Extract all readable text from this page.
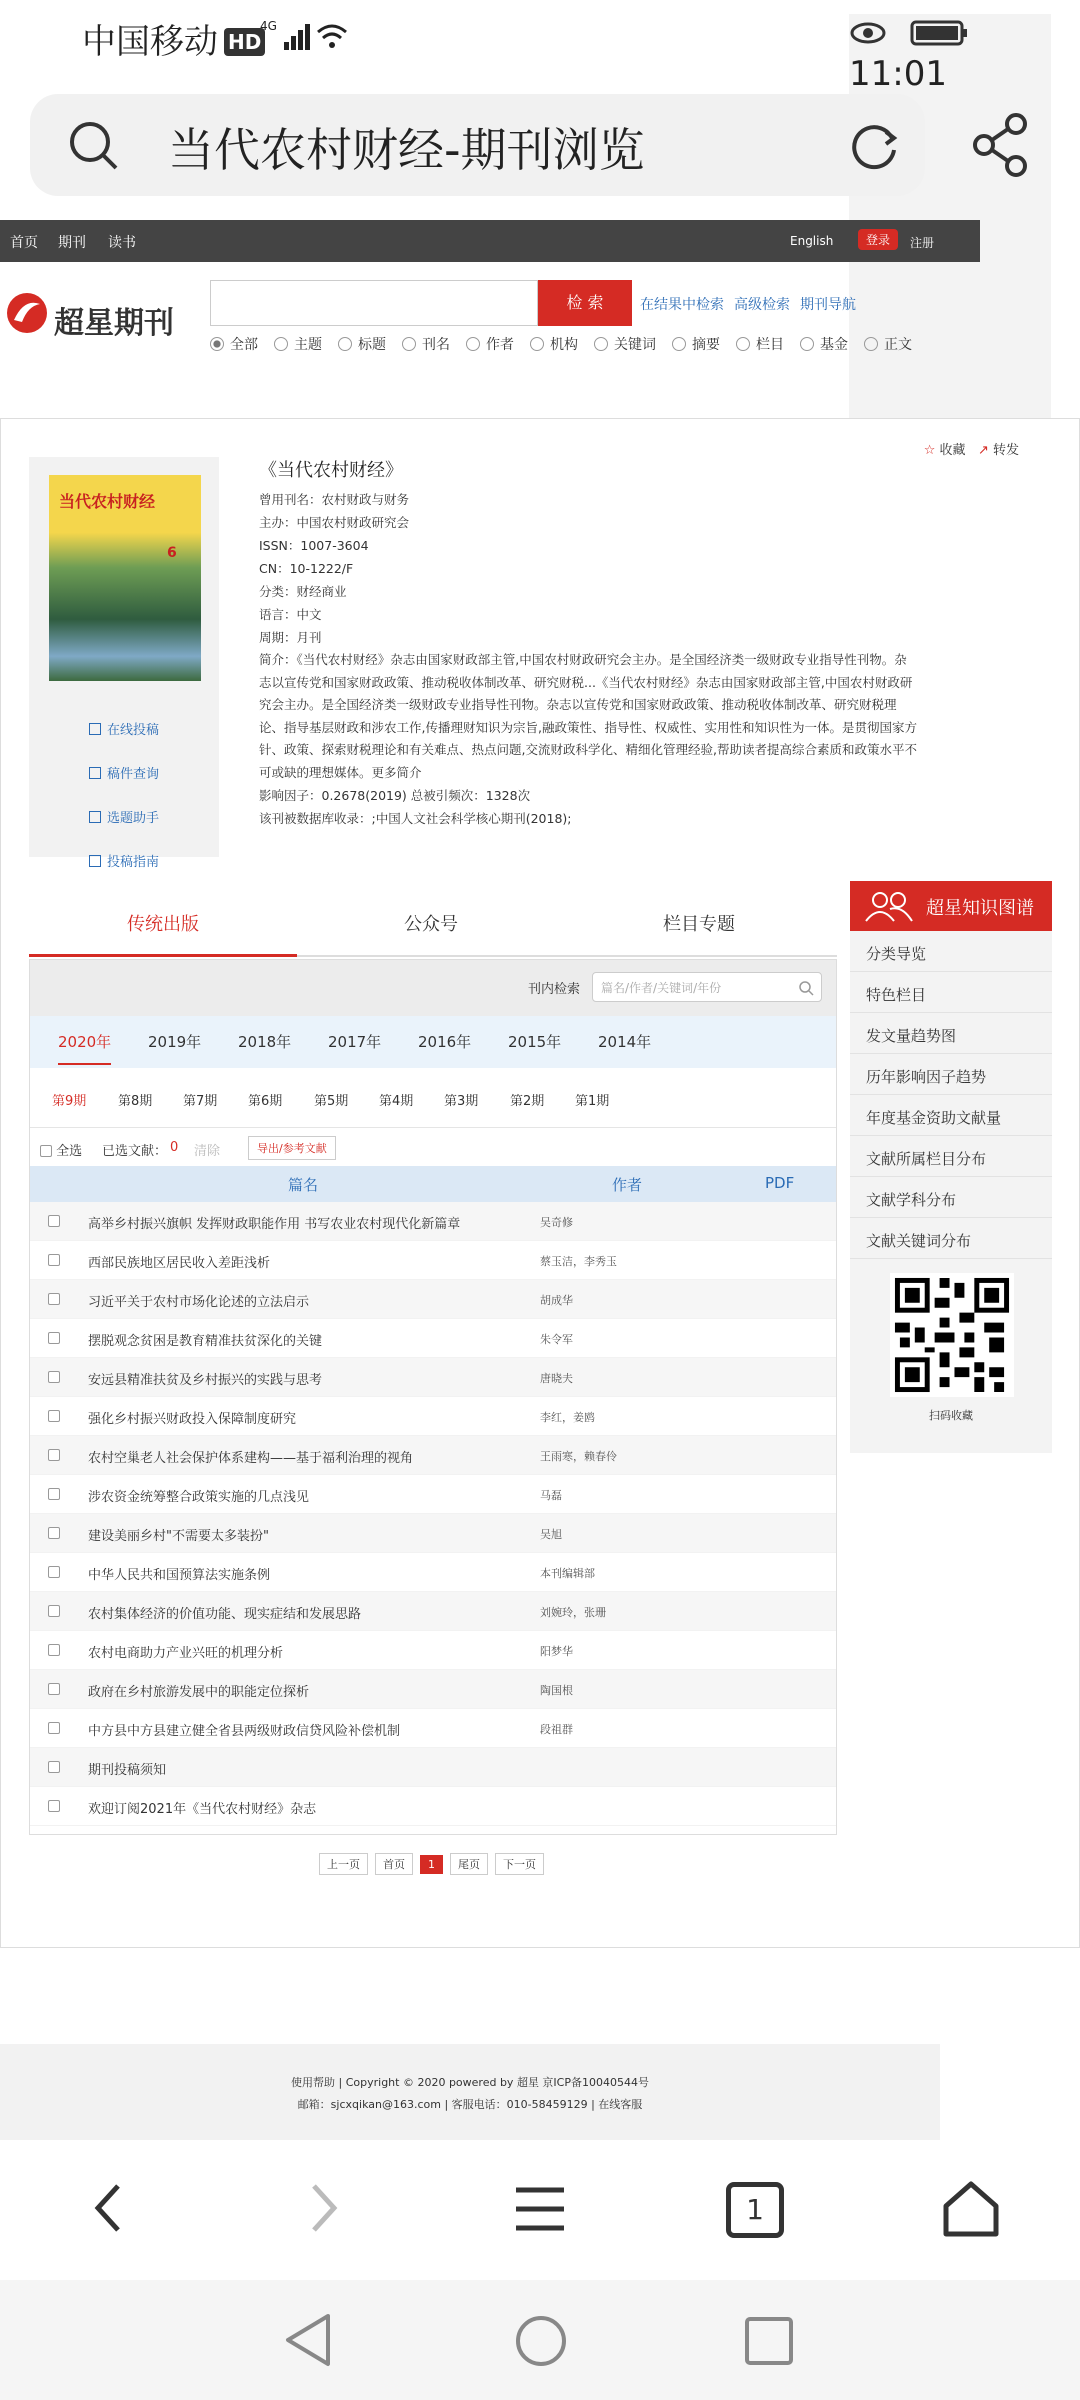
中国移动 HD
4G
11:01
当代农村财经-期刊浏览
首页 期刊 读书	English	登录	注册
超星期刊
检 索	在结果中检索 高级检索 期刊导航
全部	主题	标题	刊名	作者	机构	关键词	摘要	栏目	基金	正文
当代农村财经
6
在线投稿
稿件查询
选题助手
投稿指南
☆ 收藏 ↗ 转发
《当代农村财经》
曾用刊名：农村财政与财务
主办：中国农村财政研究会
ISSN：1007-3604
CN：10-1222/F
分类：财经商业
语言：中文
周期：月刊
简介：《当代农村财经》杂志由国家财政部主管,中国农村财政研究会主办。是全国经济类一级财政专业指导性刊物。杂志以宣传党和国家财政政策、推动税收体制改革、研究财税...《当代农村财经》杂志由国家财政部主管,中国农村财政研究会主办。是全国经济类一级财政专业指导性刊物。杂志以宣传党和国家财政政策、推动税收体制改革、研究财税理论、指导基层财政和涉农工作,传播理财知识为宗旨,融政策性、指导性、权威性、实用性和知识性为一体。是贯彻国家方针、政策、探索财税理论和有关难点、热点问题,交流财政科学化、精细化管理经验,帮助读者提高综合素质和政策水平不可或缺的理想媒体。更多简介
影响因子：0.2678(2019) 总被引频次：1328次
该刊被数据库收录：;中国人文社会科学核心期刊(2018);
传统出版	公众号	栏目专题
刊内检索	篇名/作者/关键词/年份
2020年 2019年 2018年 2017年 2016年 2015年 2014年
第9期 第8期 第7期 第6期 第5期 第4期 第3期 第2期 第1期
全选 已选文献： 0 清除	导出/参考文献
篇名	作者	PDF
高举乡村振兴旗帜 发挥财政职能作用 书写农业农村现代化新篇章	吴奇修
西部民族地区居民收入差距浅析	蔡玉洁，李秀玉
习近平关于农村市场化论述的立法启示	胡成华
摆脱观念贫困是教育精准扶贫深化的关键	朱令军
安远县精准扶贫及乡村振兴的实践与思考	唐晓夫
强化乡村振兴财政投入保障制度研究	李红，姜鸥
农村空巢老人社会保护体系建构——基于福利治理的视角	王雨寒，赖春伶
涉农资金统筹整合政策实施的几点浅见	马磊
建设美丽乡村"不需要太多装扮"	吴旭
中华人民共和国预算法实施条例	本刊编辑部
农村集体经济的价值功能、现实症结和发展思路	刘婉玲，张珊
农村电商助力产业兴旺的机理分析	阳梦华
政府在乡村旅游发展中的职能定位探析	陶国根
中方县中方县建立健全省县两级财政信贷风险补偿机制	段祖群
期刊投稿须知
欢迎订阅2021年《当代农村财经》杂志
上一页 首页 1 尾页 下一页
超星知识图谱
分类导览
特色栏目
发文量趋势图
历年影响因子趋势
年度基金资助文献量
文献所属栏目分布
文献学科分布
文献关键词分布
扫码收藏
使用帮助 | Copyright © 2020 powered by 超星 京ICP备10040544号
邮箱：sjcxqikan@163.com | 客服电话：010-58459129 | 在线客服
1
